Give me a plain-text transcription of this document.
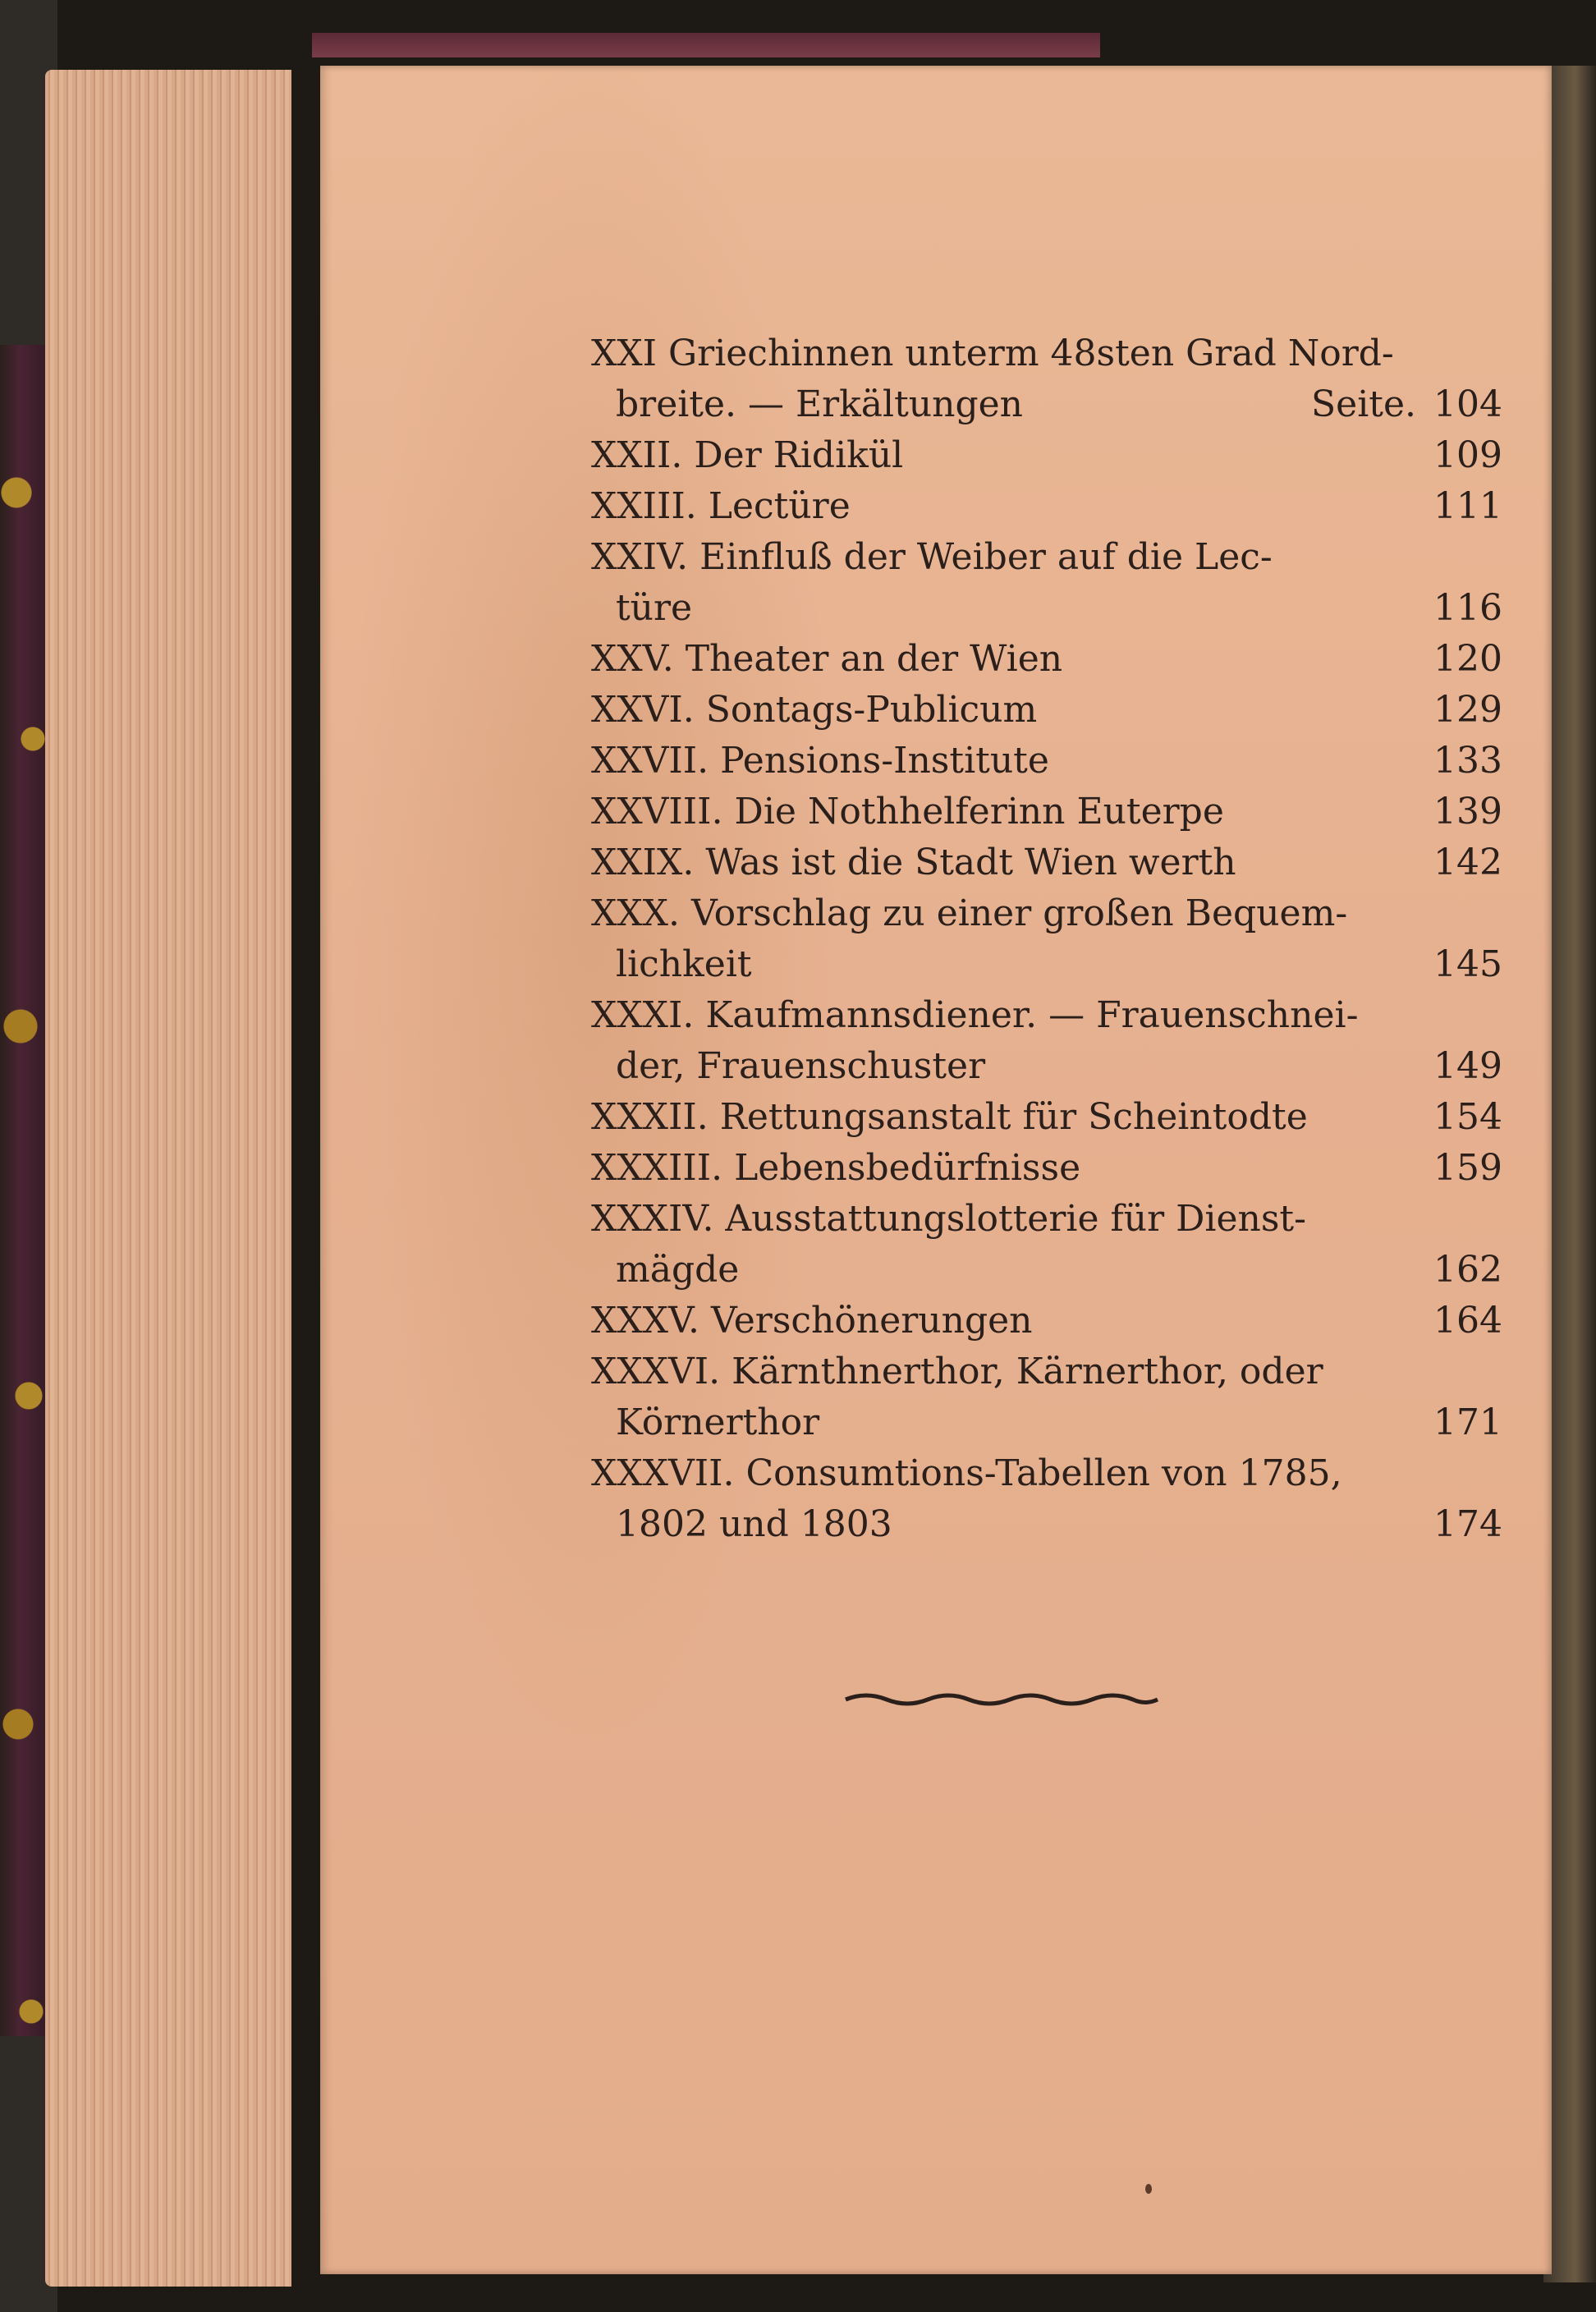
XXI Griechinnen unterm 48sten Grad Nord-
breite. — Erkältungen	Seite. 104
XXII. Der Ridikül	109
XXIII. Lectüre	111
XXIV. Einfluß der Weiber auf die Lec-
türe	116
XXV. Theater an der Wien	120
XXVI. Sontags-Publicum	129
XXVII. Pensions-Institute	133
XXVIII. Die Nothhelferinn Euterpe	139
XXIX. Was ist die Stadt Wien werth	142
XXX. Vorschlag zu einer großen Bequem-
lichkeit	145
XXXI. Kaufmannsdiener. — Frauenschnei-
der, Frauenschuster	149
XXXII. Rettungsanstalt für Scheintodte	154
XXXIII. Lebensbedürfnisse	159
XXXIV. Ausstattungslotterie für Dienst-
mägde	162
XXXV. Verschönerungen	164
XXXVI. Kärnthnerthor, Kärnerthor, oder
Körnerthor	171
XXXVII. Consumtions-Tabellen von 1785,
1802 und 1803	174
